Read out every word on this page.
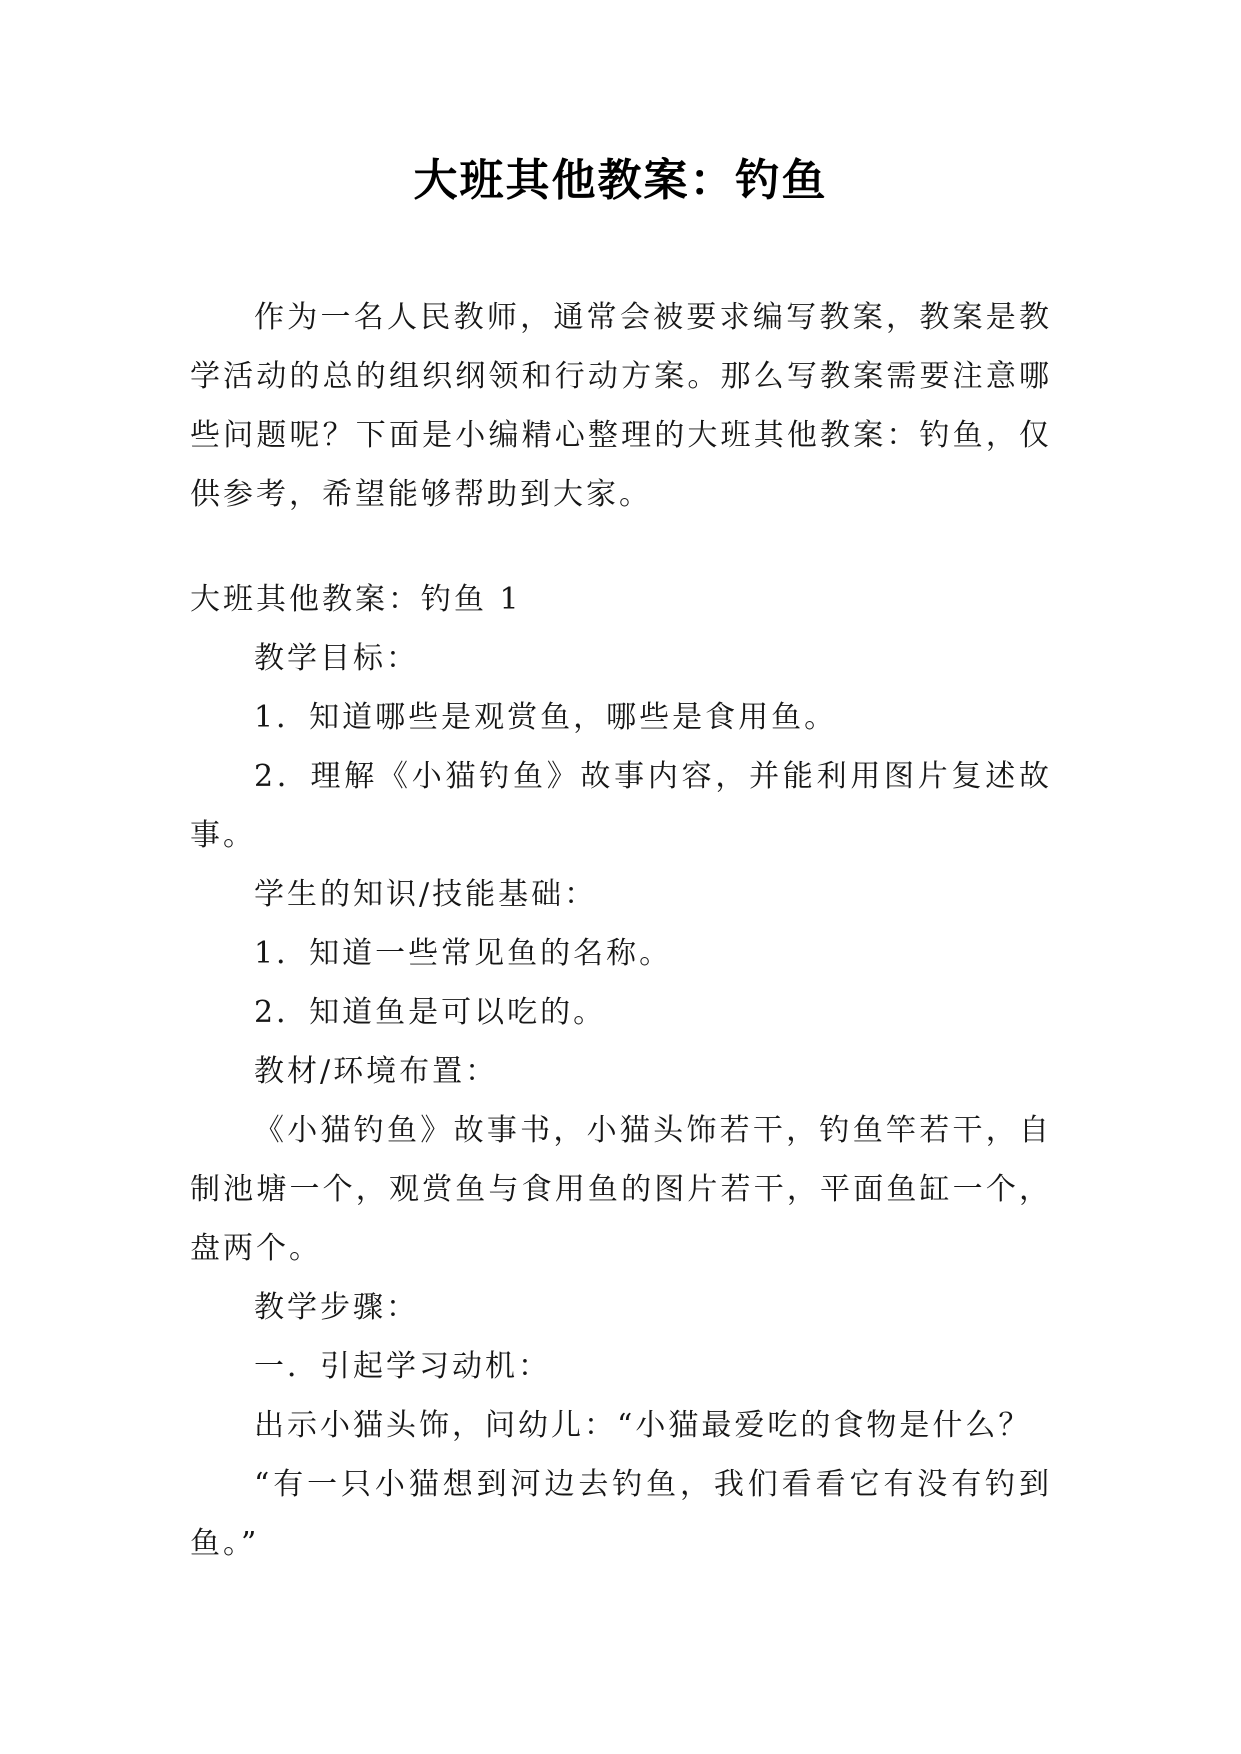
大班其他教案：钓鱼

作为一名人民教师，通常会被要求编写教案，教案是教学活动的总的组织纲领和行动方案。那么写教案需要注意哪些问题呢？下面是小编精心整理的大班其他教案：钓鱼，仅供参考，希望能够帮助到大家。

大班其他教案：钓鱼 1

教学目标：

1．知道哪些是观赏鱼，哪些是食用鱼。

2．理解《小猫钓鱼》故事内容，并能利用图片复述故事。

学生的知识/技能基础：

1．知道一些常见鱼的名称。

2．知道鱼是可以吃的。

教材/环境布置：

《小猫钓鱼》故事书，小猫头饰若干，钓鱼竿若干，自制池塘一个，观赏鱼与食用鱼的图片若干，平面鱼缸一个，盘两个。

教学步骤：

一．引起学习动机：

出示小猫头饰，问幼儿：“小猫最爱吃的食物是什么？

“有一只小猫想到河边去钓鱼，我们看看它有没有钓到鱼。”
